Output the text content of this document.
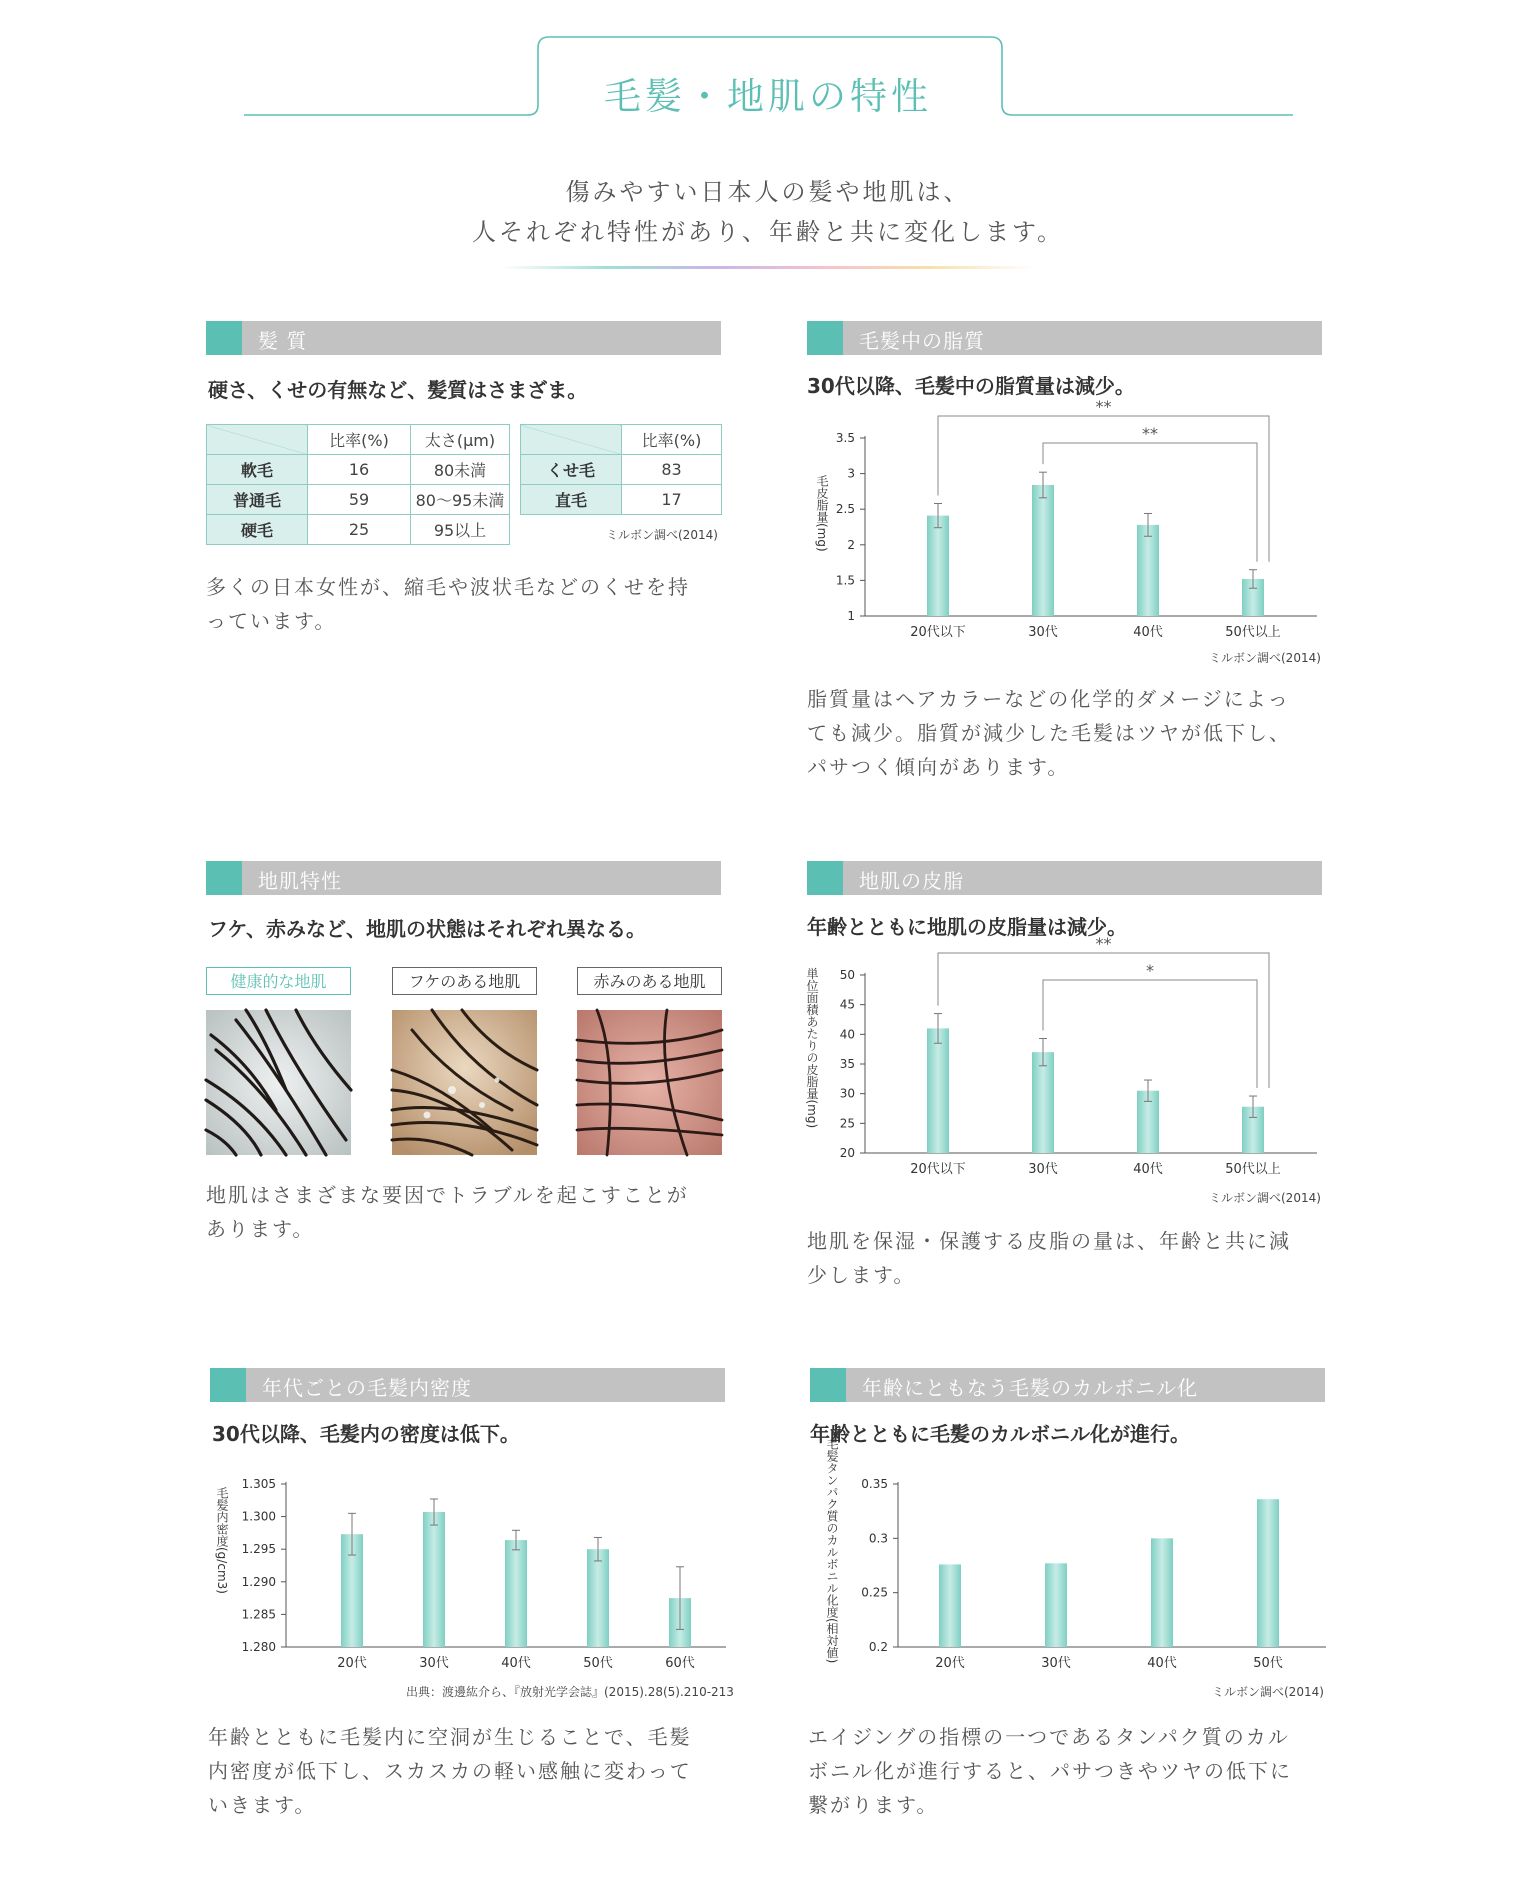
毛髪・地肌の特性
傷みやすい日本人の髪や地肌は、
人それぞれ特性があり、年齢と共に変化します。
髪 質
硬さ、くせの有無など、髪質はさまざま。
	比率(%)	太さ(μm)
軟毛	16	80未満
普通毛	59	80〜95未満
硬毛	25	95以上
	比率(%)
くせ毛	83
直毛	17
ミルボン調べ(2014)
多くの日本女性が、縮毛や波状毛などのくせを持
っています。
毛髪中の脂質
30代以降、毛髪中の脂質量は減少。
1
1.5
2
2.5
3
3.5
毛皮脂量(mg)
20代以下	30代	40代	50代以上
**
**
ミルボン調べ(2014)
脂質量はヘアカラーなどの化学的ダメージによっ
ても減少。脂質が減少した毛髪はツヤが低下し、
パサつく傾向があります。
地肌特性
フケ、赤みなど、地肌の状態はそれぞれ異なる。
健康的な地肌	フケのある地肌	赤みのある地肌
地肌はさまざまな要因でトラブルを起こすことが
あります。
地肌の皮脂
年齢とともに地肌の皮脂量は減少。
20
25
30
35
40
45
50
単位面積あたりの皮脂量(mg)
20代以下	30代	40代	50代以上
**
*
ミルボン調べ(2014)
地肌を保湿・保護する皮脂の量は、年齢と共に減
少します。
年代ごとの毛髪内密度
30代以降、毛髪内の密度は低下。
1.280
1.285
1.290
1.295
1.300
1.305
毛髪内密度(g/cm3)
20代	30代	40代	50代	60代
出典：渡邊紘介ら、『放射光学会誌』(2015).28(5).210-213
年齢とともに毛髪内に空洞が生じることで、毛髪
内密度が低下し、スカスカの軽い感触に変わって
いきます。
年齢にともなう毛髪のカルボニル化
年齢とともに毛髪のカルボニル化が進行。
0.2
0.25
0.3
0.35
毛髪タンパク質のカルボニル化度(相対値)
20代	30代	40代	50代
ミルボン調べ(2014)
エイジングの指標の一つであるタンパク質のカル
ボニル化が進行すると、パサつきやツヤの低下に
繋がります。
